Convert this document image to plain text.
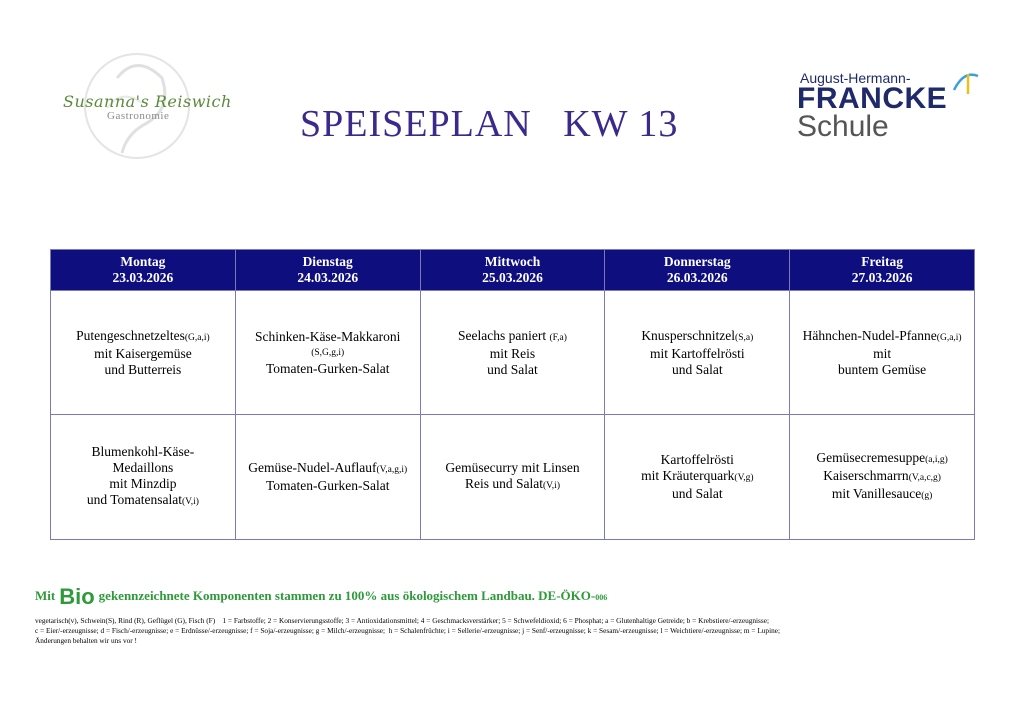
Susanna's Reiswich
Gastronomie	SPEISEPLAN   KW 13
August-Hermann-
FRANCKE
Schule
Montag
23.03.2026	Dienstag
24.03.2026	Mittwoch
25.03.2026	Donnerstag
26.03.2026	Freitag
27.03.2026

Putengeschnetzeltes(G,a,i)
mit Kaisergemüse
und Butterreis	Schinken-Käse-Makkaroni
(S,G,g,i)
Tomaten-Gurken-Salat	Seelachs paniert (F,a)
mit Reis
und Salat	Knusperschnitzel(S,a)
mit Kartoffelrösti
und Salat	Hähnchen-Nudel-Pfanne(G,a,i)
mit
buntem Gemüse

Blumenkohl-Käse-
Medaillons
mit Minzdip
und Tomatensalat(V,i)	Gemüse-Nudel-Auflauf(V,a,g,i)
Tomaten-Gurken-Salat	Gemüsecurry mit Linsen
Reis und Salat(V,i)	Kartoffelrösti
mit Kräuterquark(V,g)
und Salat	Gemüsecremesuppe(a,i,g)
Kaiserschmarrn(V,a,c,g)
mit Vanillesauce(g)
Mit Bio gekennzeichnete Komponenten stammen zu 100% aus ökologischem Landbau. DE-ÖKO-006
vegetarisch(v), Schwein(S), Rind (R), Geflügel (G), Fisch (F)    1 = Farbstoffe; 2 = Konservierungsstoffe; 3 = Antioxidationsmittel; 4 = Geschmacksverstärker; 5 = Schwefeldioxid; 6 = Phosphat; a = Glutenhaltige Getreide; b = Krebstiere/-erzeugnisse;
c = Eier/-erzeugnisse; d = Fisch/-erzeugnisse; e = Erdnüsse/-erzeugnisse; f = Soja/-erzeugnisse; g = Milch/-erzeugnisse;  h = Schalenfrüchte; i = Sellerie/-erzeugnisse; j = Senf/-erzeugnisse; k = Sesam/-erzeugnisse; l = Weichtiere/-erzeugnisse; m = Lupine;
Änderungen behalten wir uns vor !
